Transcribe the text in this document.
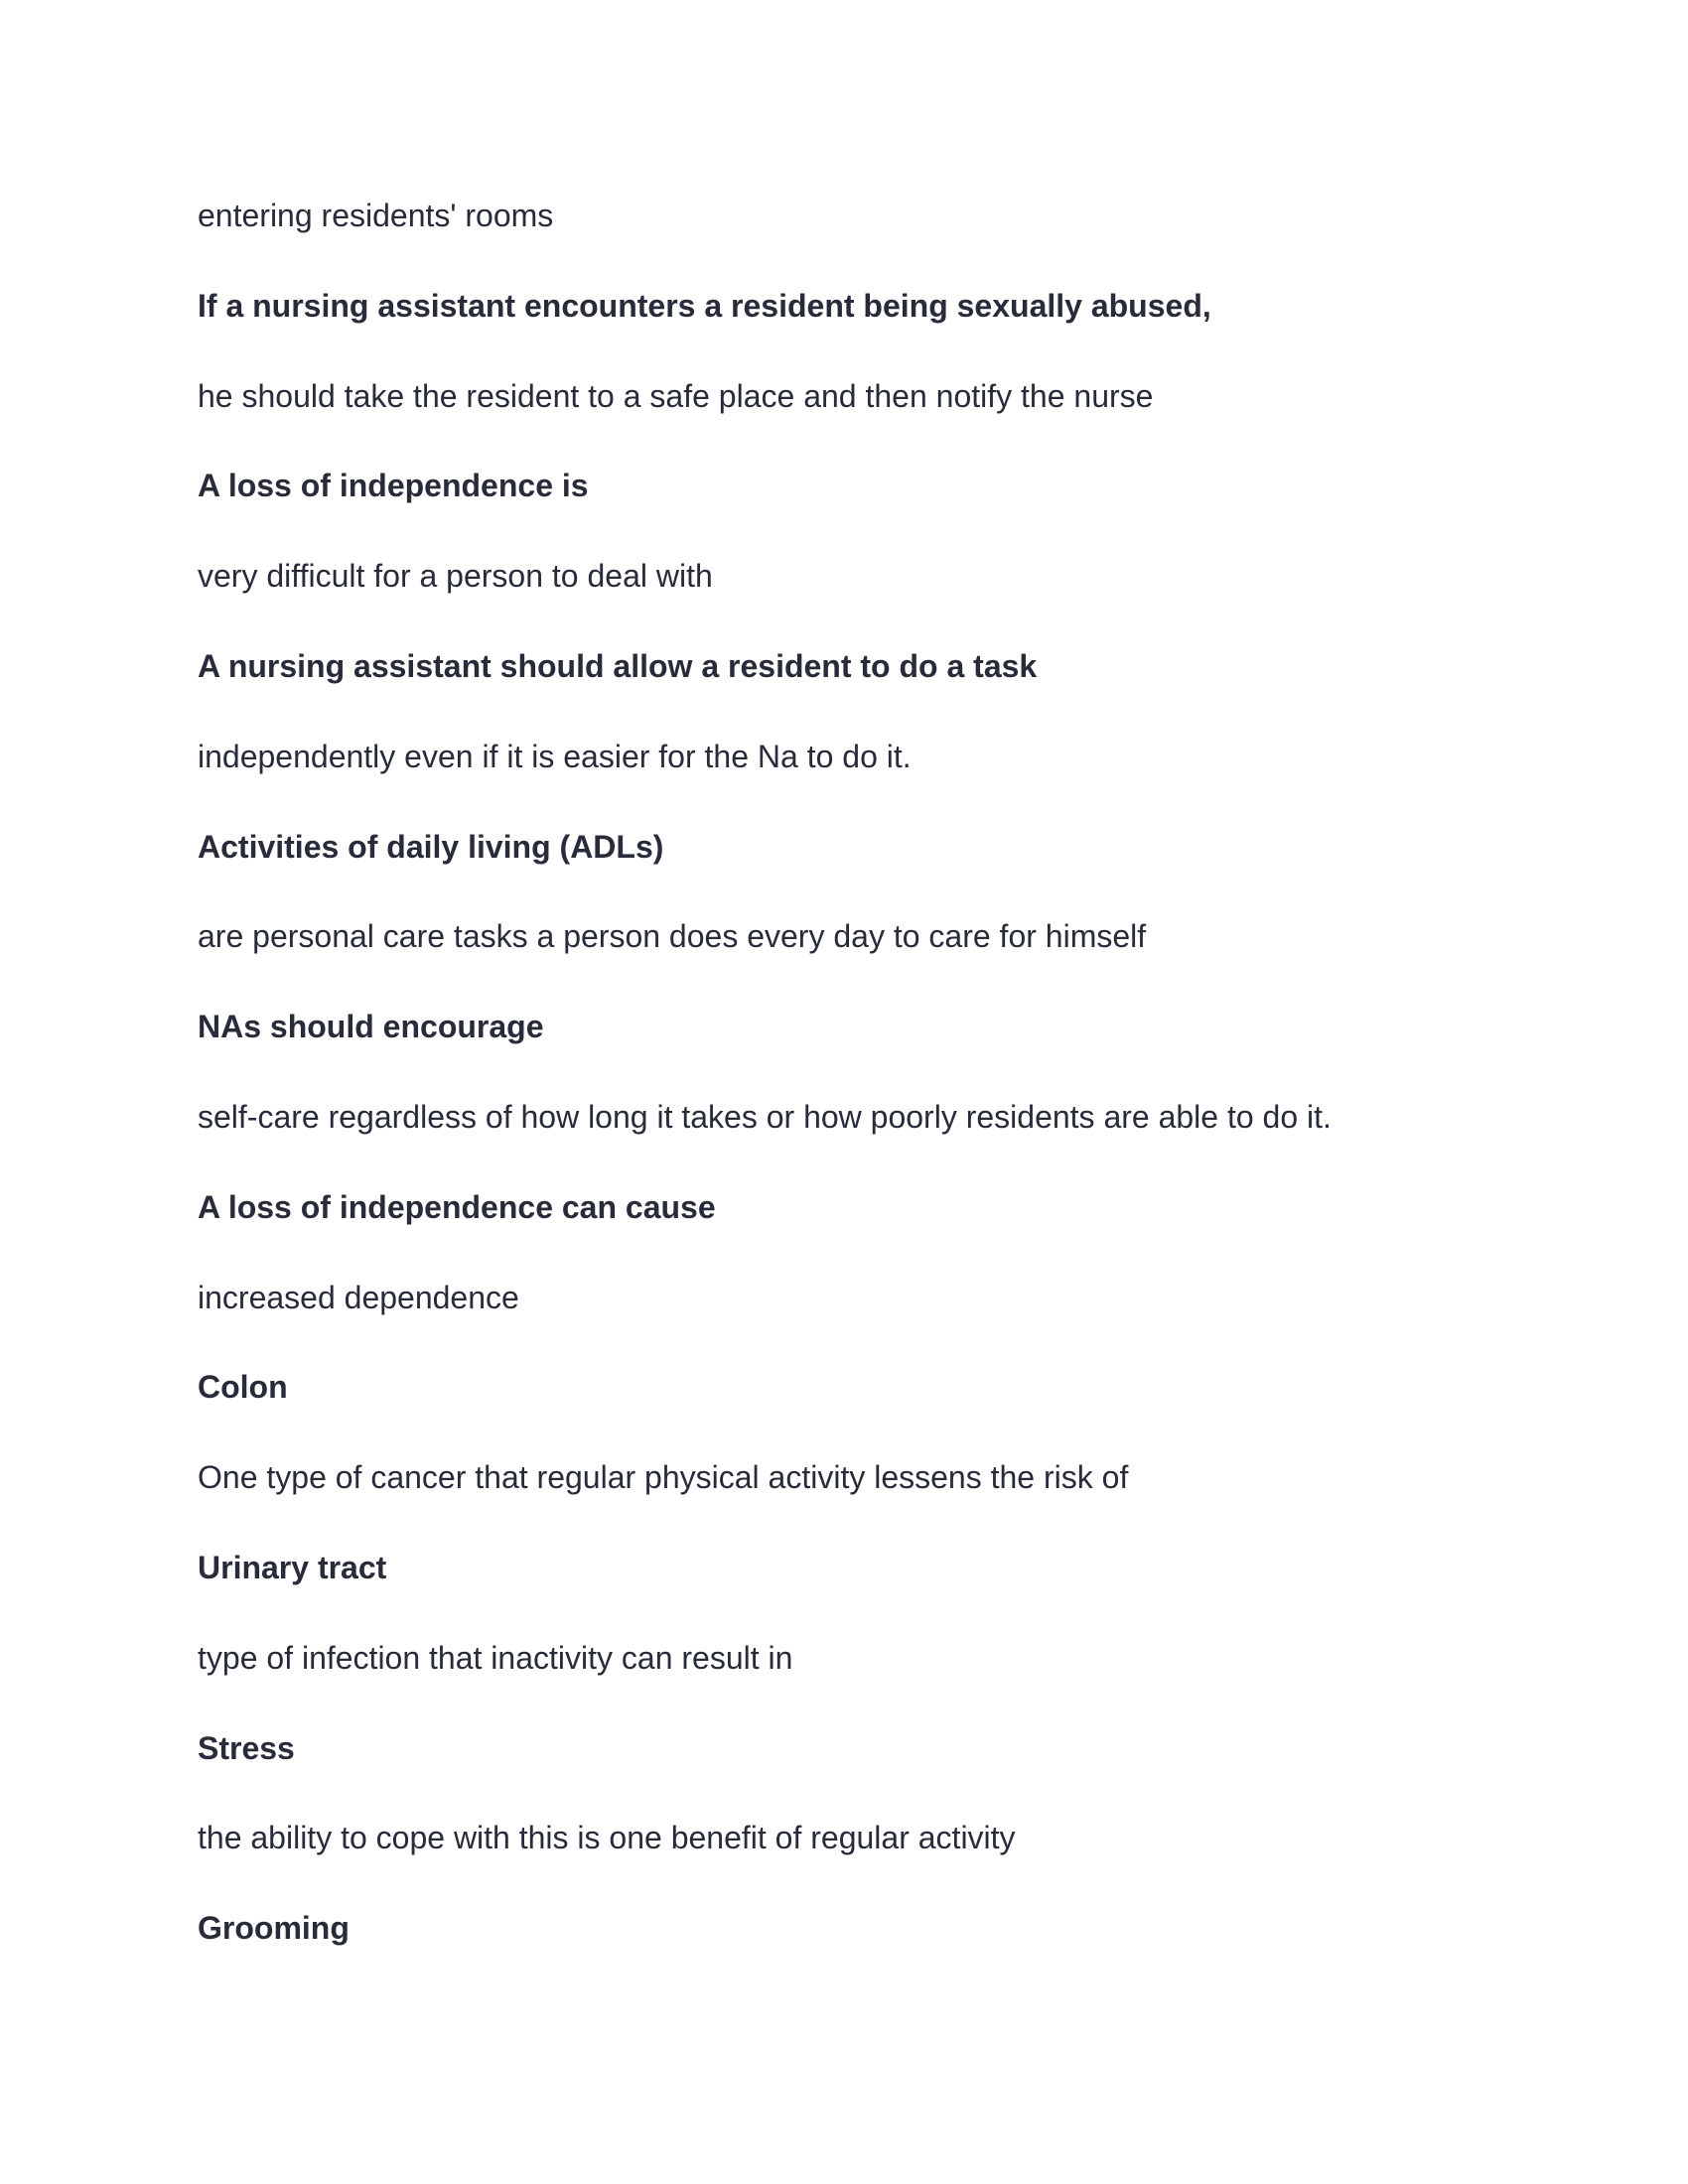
entering residents' rooms

If a nursing assistant encounters a resident being sexually abused,

he should take the resident to a safe place and then notify the nurse

A loss of independence is

very difficult for a person to deal with

A nursing assistant should allow a resident to do a task

independently even if it is easier for the Na to do it.

Activities of daily living (ADLs)

are personal care tasks a person does every day to care for himself

NAs should encourage

self-care regardless of how long it takes or how poorly residents are able to do it.

A loss of independence can cause

increased dependence

Colon

One type of cancer that regular physical activity lessens the risk of

Urinary tract

type of infection that inactivity can result in

Stress

the ability to cope with this is one benefit of regular activity

Grooming
